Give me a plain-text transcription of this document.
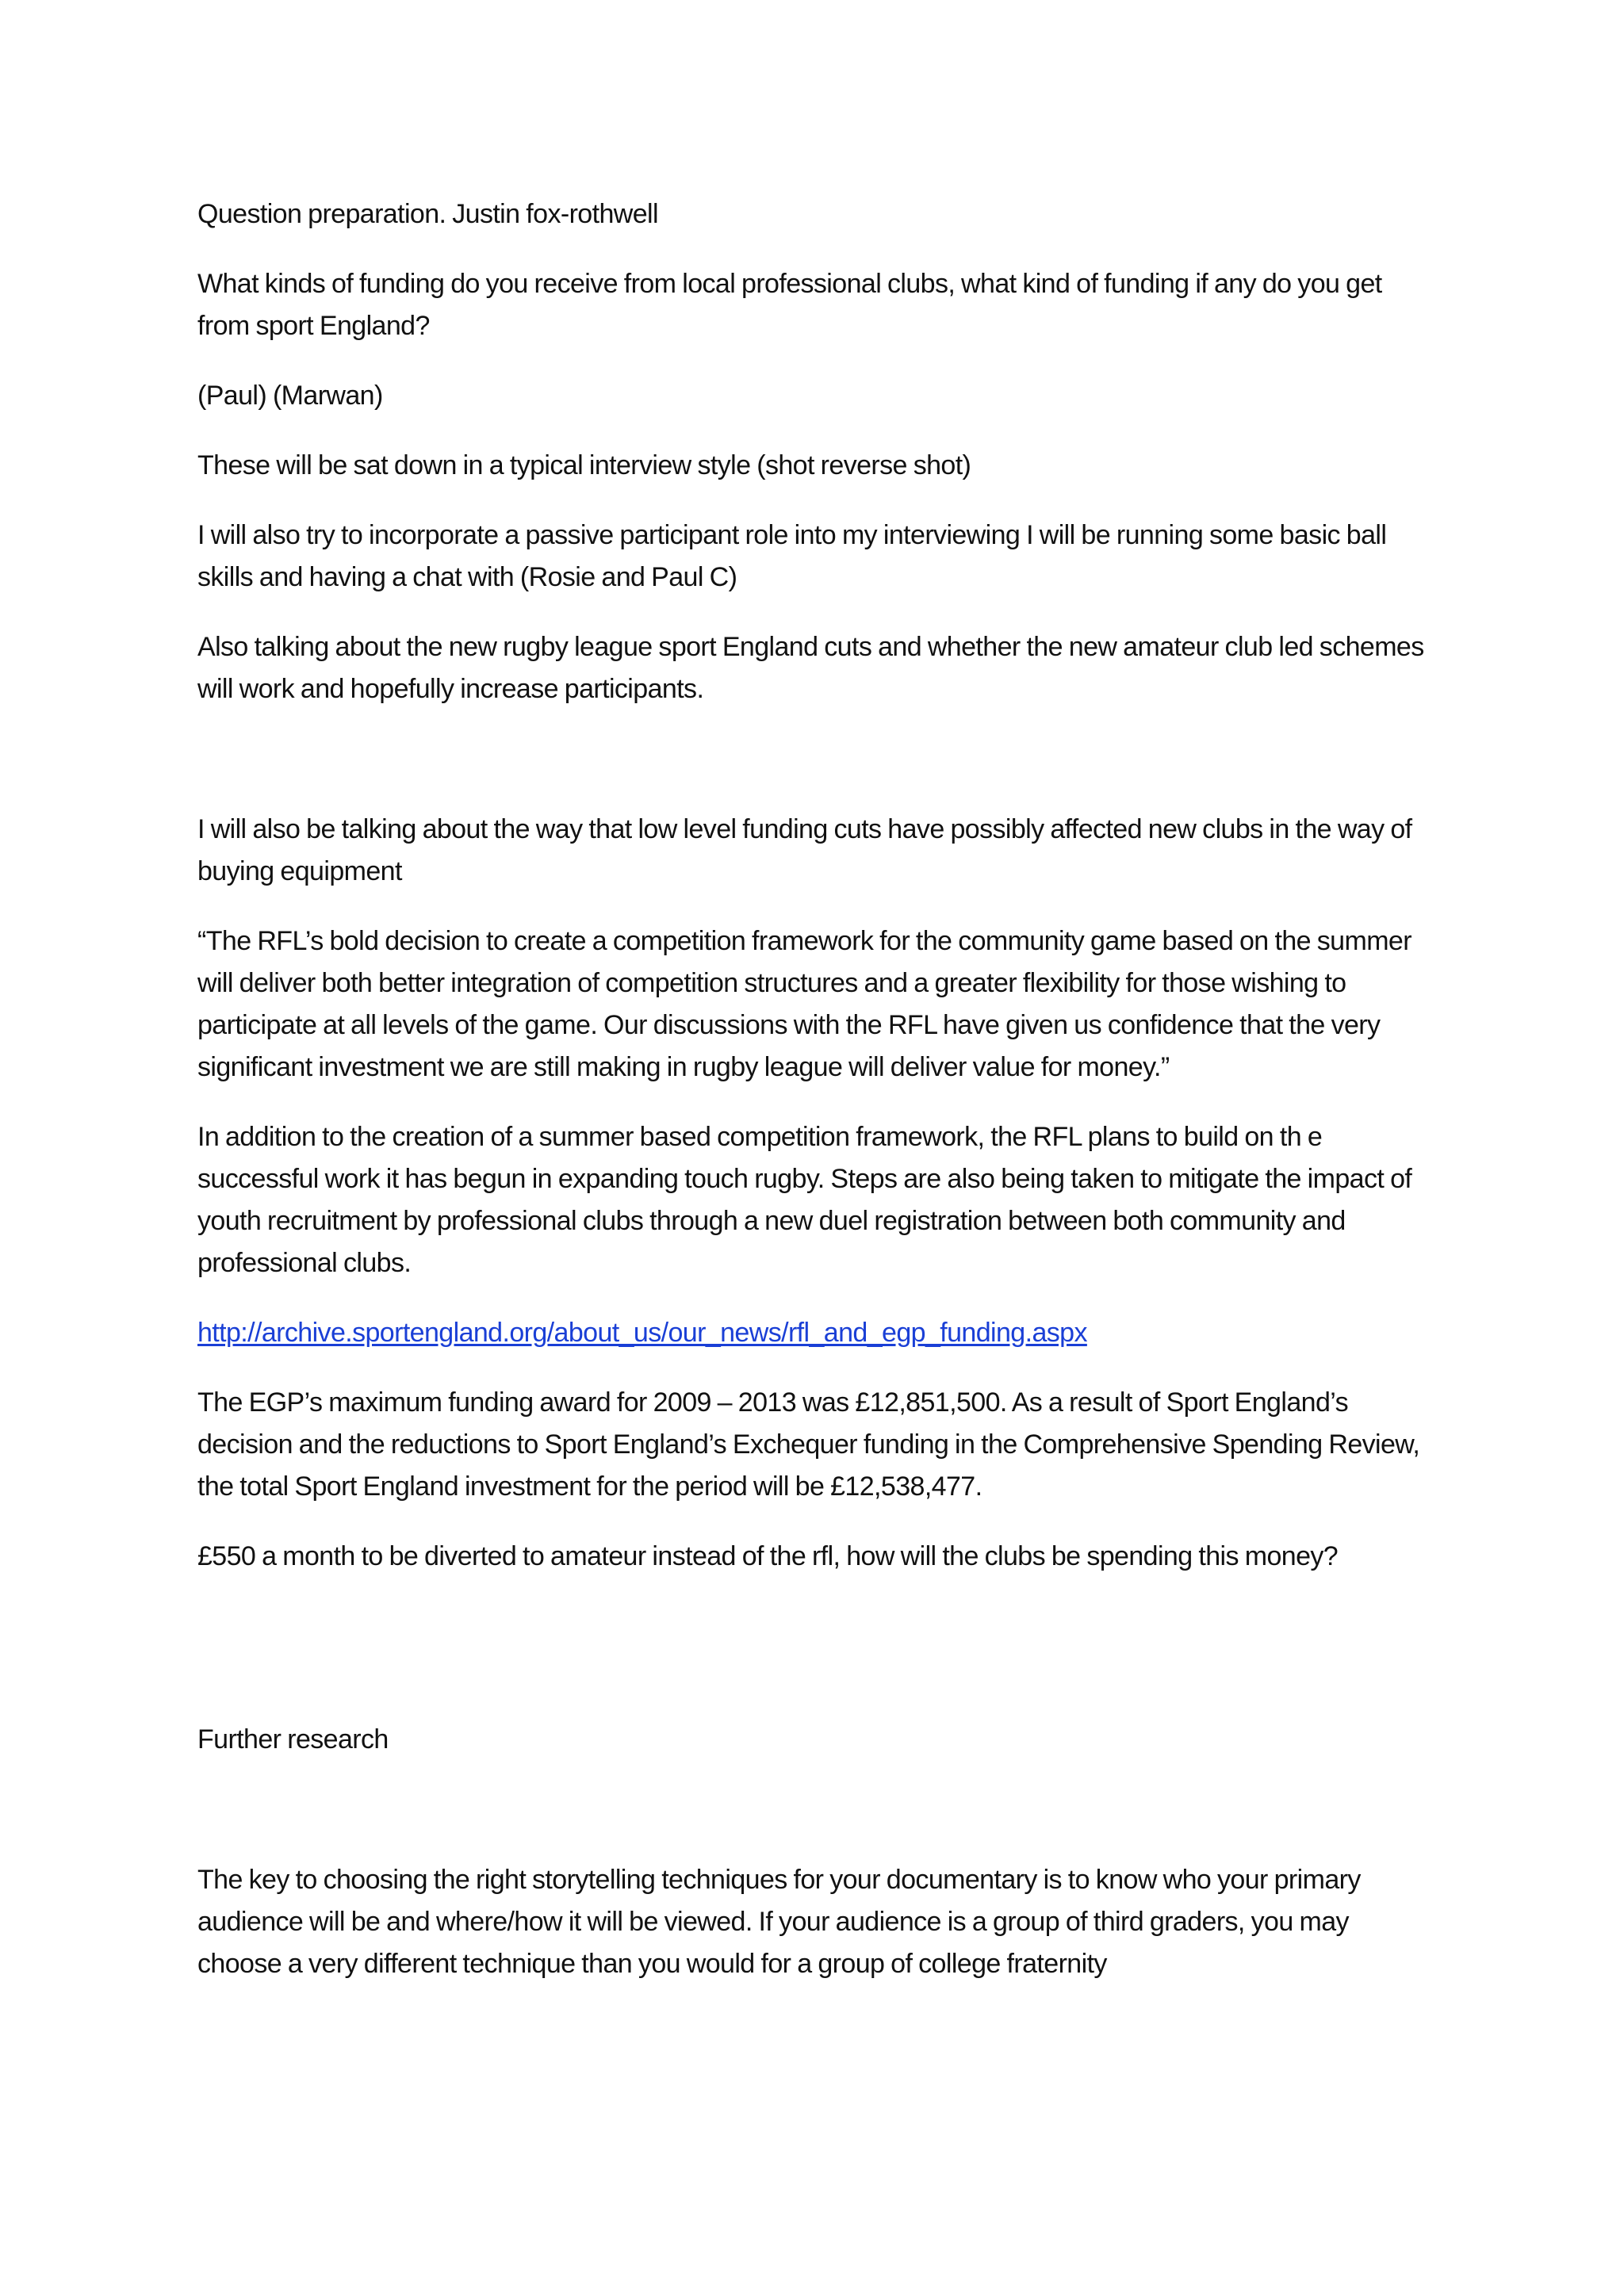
Question preparation. Justin fox-rothwell

What kinds of funding do you receive from local professional clubs, what kind of funding if any do you get from sport England?

(Paul) (Marwan)

These will be sat down in a typical interview style (shot reverse shot)

I will also try to incorporate a passive participant role into my interviewing I will be running some basic ball skills and having a chat with (Rosie and Paul C)

Also talking about the new rugby league sport England cuts and whether the new amateur club led schemes will work and hopefully increase participants.

I will also be talking about the way that low level funding cuts have possibly affected new clubs in the way of buying equipment

“The RFL’s bold decision to create a competition framework for the community game based on the summer will deliver both better integration of competition structures and a greater flexibility for those wishing to participate at all levels of the game. Our discussions with the RFL have given us confidence that the very significant investment we are still making in rugby league will deliver value for money.”

In addition to the creation of a summer based competition framework, the RFL plans to build on th e successful work it has begun in expanding touch rugby. Steps are also being taken to mitigate the impact of youth recruitment by professional clubs through a new duel registration between both community and professional clubs.

http://archive.sportengland.org/about_us/our_news/rfl_and_egp_funding.aspx

The EGP’s maximum funding award for 2009 – 2013 was £12,851,500. As a result of Sport England’s decision and the reductions to Sport England’s Exchequer funding in the Comprehensive Spending Review, the total Sport England investment for the period will be £12,538,477.

£550 a month to be diverted to amateur instead of the rfl, how will the clubs be spending this money?

Further research

The key to choosing the right storytelling techniques for your documentary is to know who your primary audience will be and where/how it will be viewed. If your audience is a group of third graders, you may choose a very different technique than you would for a group of college fraternity
